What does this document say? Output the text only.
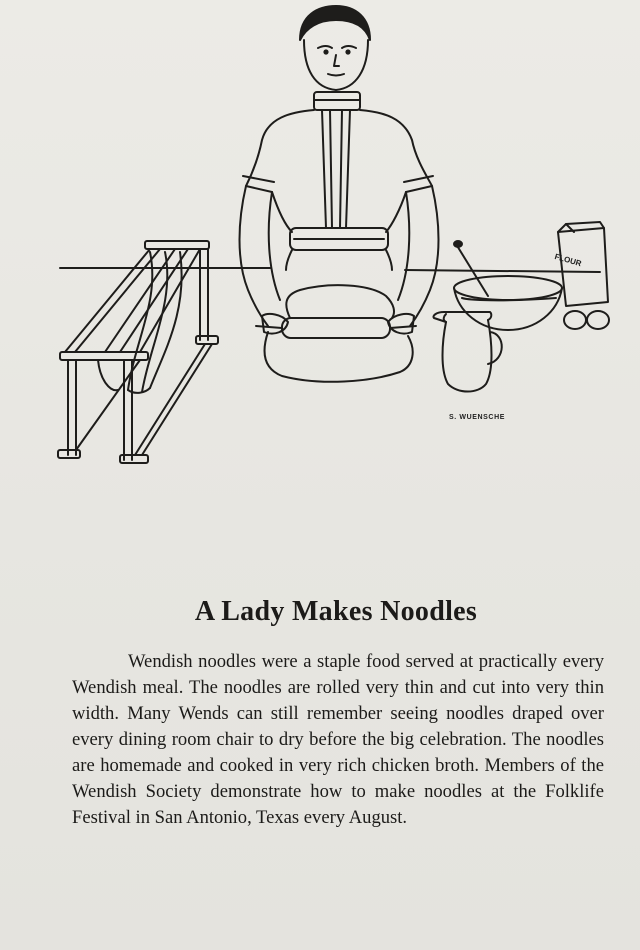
FLOUR
S. WUENSCHE
A Lady Makes Noodles

Wendish noodles were a staple food served at practically every Wendish meal. The noodles are rolled very thin and cut into very thin width. Many Wends can still remember seeing noodles draped over every dining room chair to dry before the big celebration. The noodles are homemade and cooked in very rich chicken broth. Members of the Wendish Society demonstrate how to make noodles at the Folklife Festival in San Antonio, Texas every August.
